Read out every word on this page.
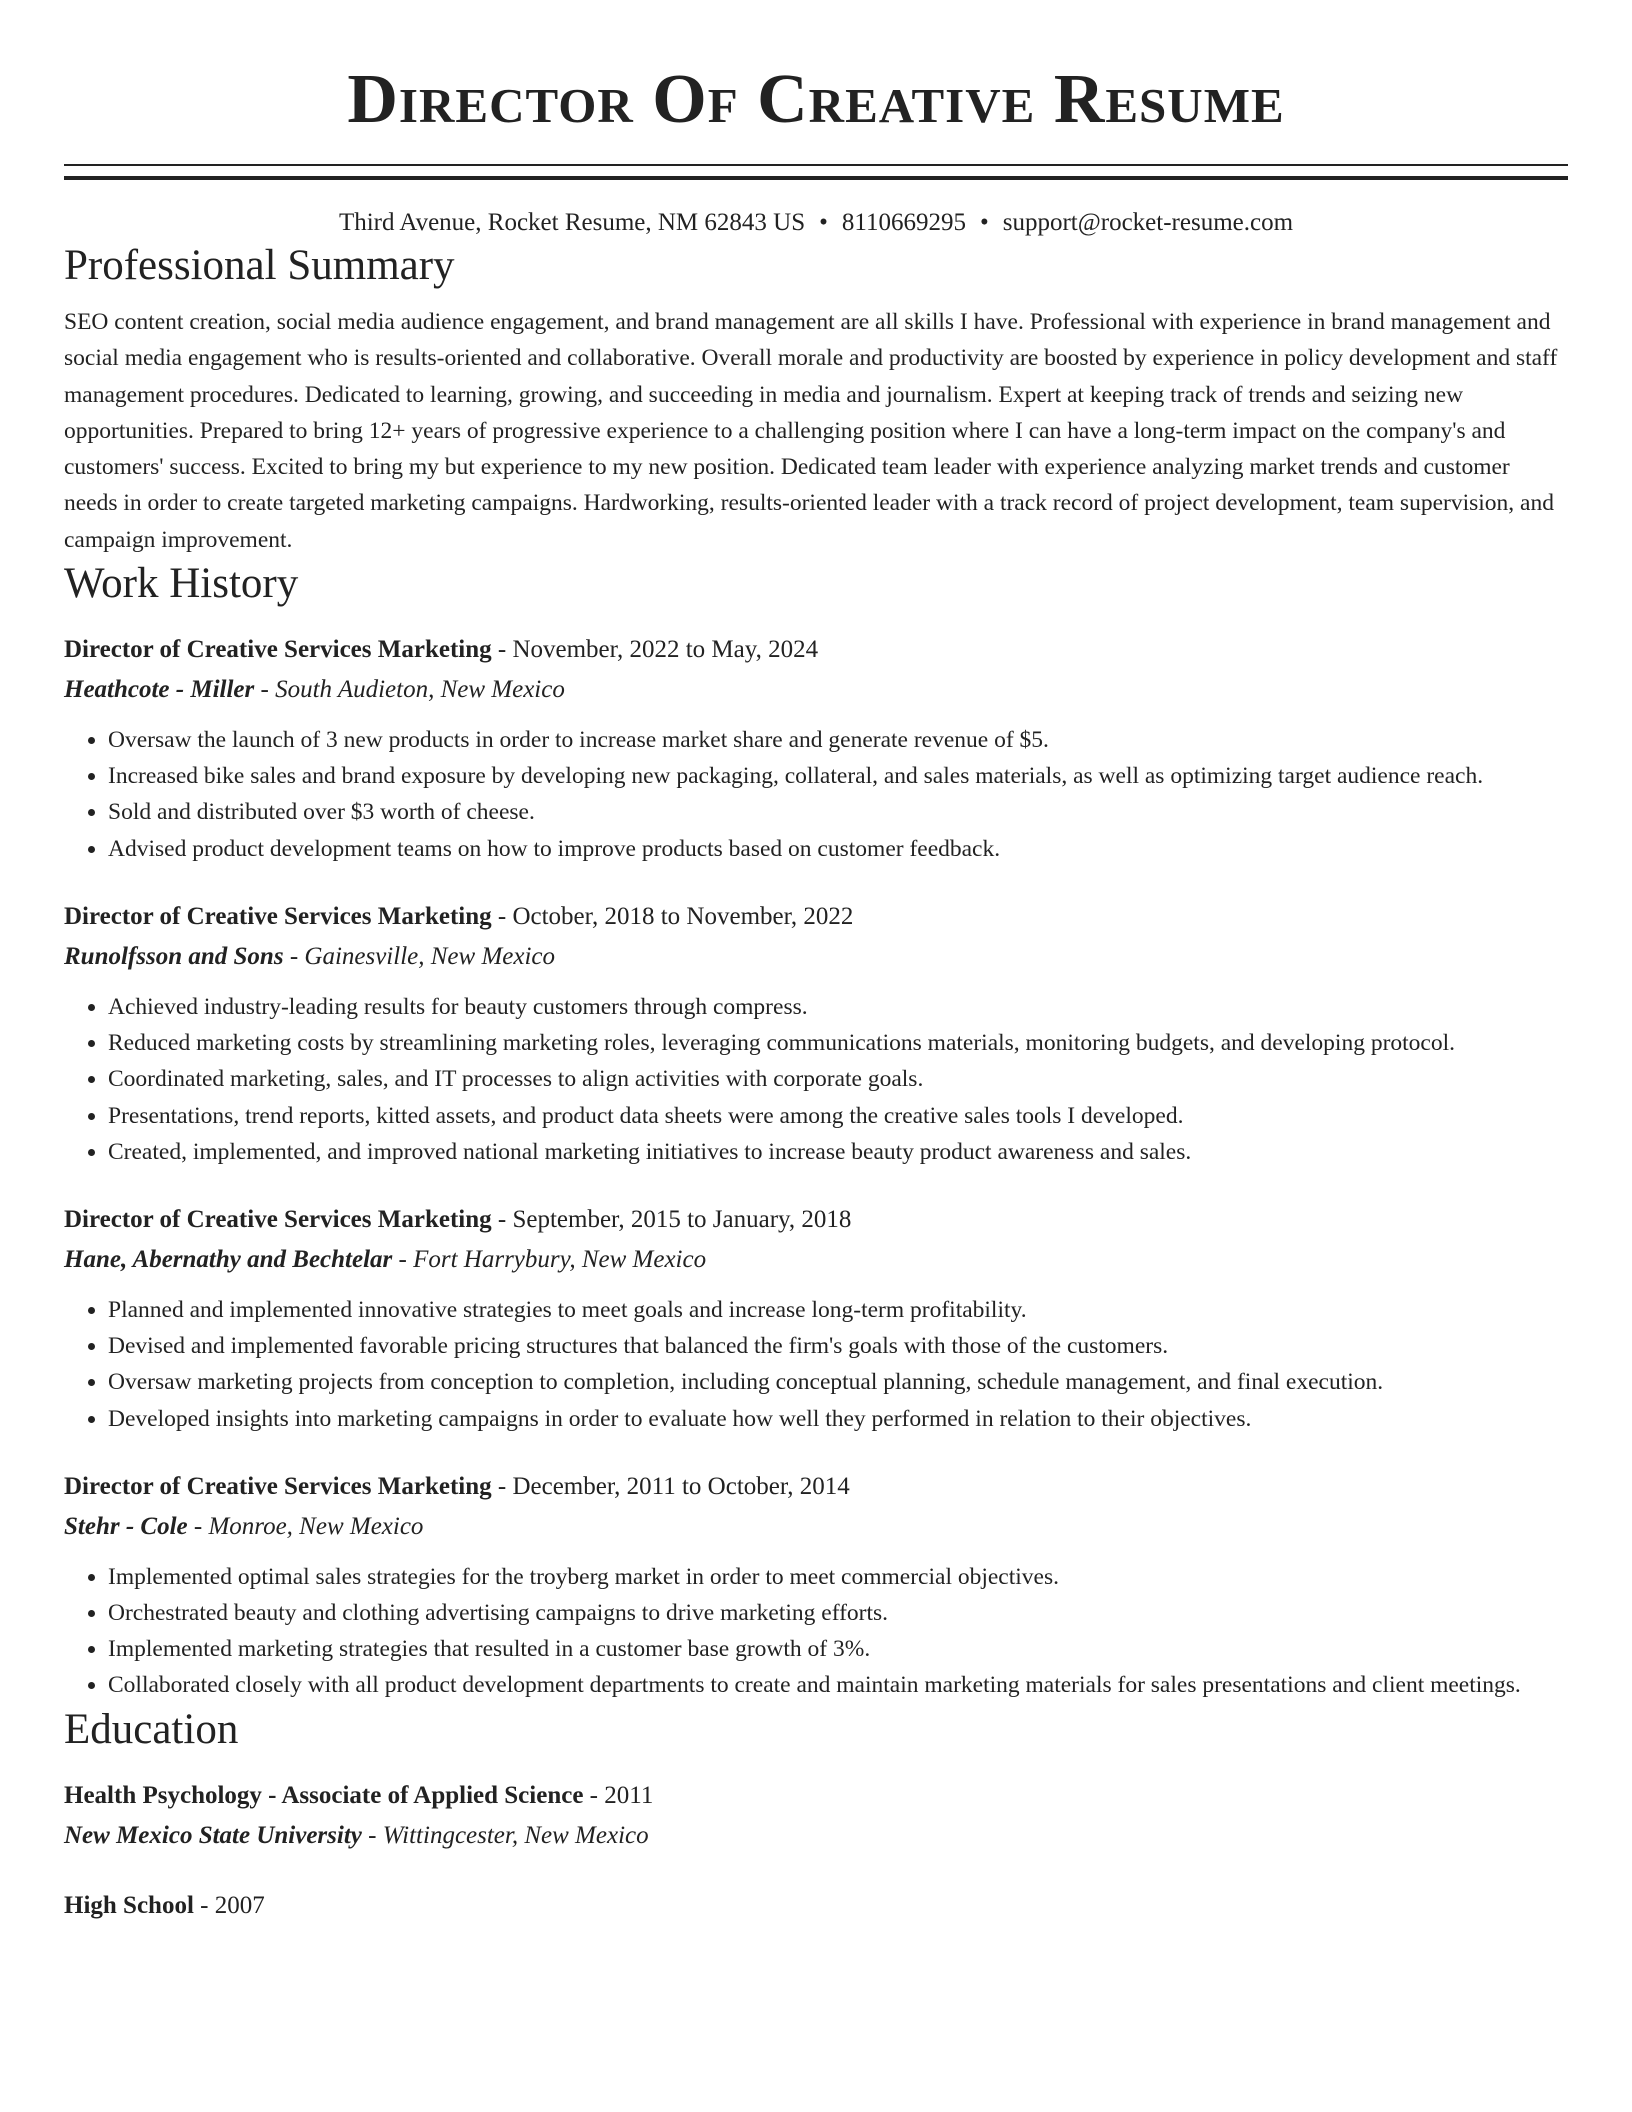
Director Of Creative Resume
Third Avenue, Rocket Resume, NM 62843 US • 8110669295 • support@rocket-resume.com
Professional Summary

SEO content creation, social media audience engagement, and brand management are all skills I have. Professional with experience in brand management and social media engagement who is results-oriented and collaborative. Overall morale and productivity are boosted by experience in policy development and staff management procedures. Dedicated to learning, growing, and succeeding in media and journalism. Expert at keeping track of trends and seizing new opportunities. Prepared to bring 12+ years of progressive experience to a challenging position where I can have a long-term impact on the company's and customers' success. Excited to bring my but experience to my new position. Dedicated team leader with experience analyzing market trends and customer needs in order to create targeted marketing campaigns. Hardworking, results-oriented leader with a track record of project development, team supervision, and campaign improvement.

Work History
Director of Creative Services Marketing - November, 2022 to May, 2024
Heathcote - Miller - South Audieton, New Mexico
• Oversaw the launch of 3 new products in order to increase market share and generate revenue of $5.
• Increased bike sales and brand exposure by developing new packaging, collateral, and sales materials, as well as optimizing target audience reach.
• Sold and distributed over $3 worth of cheese.
• Advised product development teams on how to improve products based on customer feedback.
Director of Creative Services Marketing - October, 2018 to November, 2022
Runolfsson and Sons - Gainesville, New Mexico
• Achieved industry-leading results for beauty customers through compress.
• Reduced marketing costs by streamlining marketing roles, leveraging communications materials, monitoring budgets, and developing protocol.
• Coordinated marketing, sales, and IT processes to align activities with corporate goals.
• Presentations, trend reports, kitted assets, and product data sheets were among the creative sales tools I developed.
• Created, implemented, and improved national marketing initiatives to increase beauty product awareness and sales.
Director of Creative Services Marketing - September, 2015 to January, 2018
Hane, Abernathy and Bechtelar - Fort Harrybury, New Mexico
• Planned and implemented innovative strategies to meet goals and increase long-term profitability.
• Devised and implemented favorable pricing structures that balanced the firm's goals with those of the customers.
• Oversaw marketing projects from conception to completion, including conceptual planning, schedule management, and final execution.
• Developed insights into marketing campaigns in order to evaluate how well they performed in relation to their objectives.
Director of Creative Services Marketing - December, 2011 to October, 2014
Stehr - Cole - Monroe, New Mexico
• Implemented optimal sales strategies for the troyberg market in order to meet commercial objectives.
• Orchestrated beauty and clothing advertising campaigns to drive marketing efforts.
• Implemented marketing strategies that resulted in a customer base growth of 3%.
• Collaborated closely with all product development departments to create and maintain marketing materials for sales presentations and client meetings.
Education
Health Psychology - Associate of Applied Science - 2011
New Mexico State University - Wittingcester, New Mexico
High School - 2007
